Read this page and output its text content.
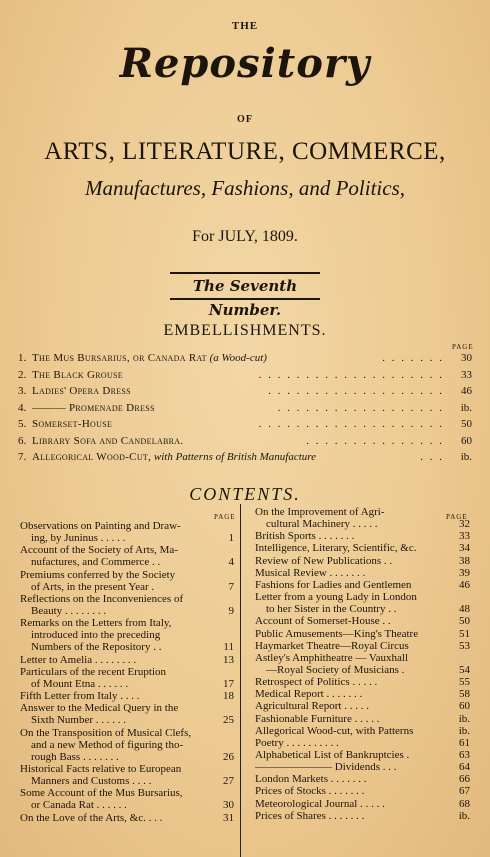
THE
Repository
OF
ARTS, LITERATURE, COMMERCE,
Manufactures, Fashions, and Politics,
For JULY, 1809.
The Seventh Number.
EMBELLISHMENTS.
PAGE
1. The Mus Bursarius, or Canada Rat (a Wood-cut)	. . . . . . .	30
2. The Black Grouse	. . . . . . . . . . . . . . . . . . . .	33
3. Ladies' Opera Dress	. . . . . . . . . . . . . . . . . . .	46
4. ——— Promenade Dress	. . . . . . . . . . . . . . . . . .	ib.
5. Somerset-House	. . . . . . . . . . . . . . . . . . . .	50
6. Library Sofa and Candelabra.	. . . . . . . . . . . . . . .	60
7. Allegorical Wood-Cut, with Patterns of British Manufacture	. . .	ib.
CONTENTS.
PAGE	PAGE
Observations on Painting and Draw-
ing, by Juninus . . . . .	1
Account of the Society of Arts, Ma-
nufactures, and Commerce . .	4
Premiums conferred by the Society
of Arts, in the present Year .	7
Reflections on the Inconveniences of
Beauty . . . . . . . .	9
Remarks on the Letters from Italy,
introduced into the preceding
Numbers of the Repository . .	11
Letter to Amelia . . . . . . . .	13
Particulars of the recent Eruption
of Mount Etna . . . . . .	17
Fifth Letter from Italy . . . .	18
Answer to the Medical Query in the
Sixth Number . . . . . .	25
On the Transposition of Musical Clefs,
and a new Method of figuring tho-
rough Bass . . . . . . .	26
Historical Facts relative to European
Manners and Customs . . . .	27
Some Account of the Mus Bursarius,
or Canada Rat . . . . . .	30
On the Love of the Arts, &c. . . .	31
On the Improvement of Agri-
cultural Machinery . . . . .	32
British Sports . . . . . . .	33
Intelligence, Literary, Scientific, &c.	34
Review of New Publications . .	38
Musical Review . . . . . . .	39
Fashions for Ladies and Gentlemen	46
Letter from a young Lady in London
to her Sister in the Country . .	48
Account of Somerset-House . .	50
Public Amusements—King's Theatre	51
Haymarket Theatre—Royal Circus	53
Astley's Amphitheatre — Vauxhall
—Royal Society of Musicians .	54
Retrospect of Politics . . . . .	55
Medical Report . . . . . . .	58
Agricultural Report . . . . .	60
Fashionable Furniture . . . . .	ib.
Allegorical Wood-cut, with Patterns	ib.
Poetry . . . . . . . . . .	61
Alphabetical List of Bankruptcies .	63
——————— Dividends . . .	64
London Markets . . . . . . .	66
Prices of Stocks . . . . . . .	67
Meteorological Journal . . . . .	68
Prices of Shares . . . . . . .	ib.
